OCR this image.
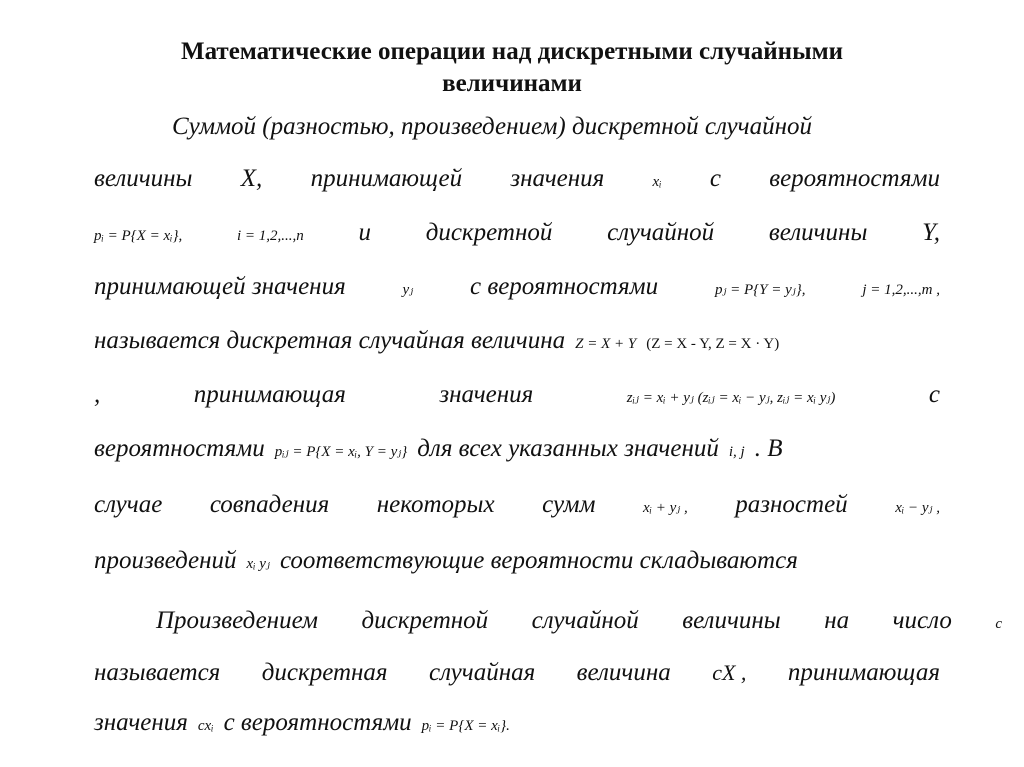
Математические операции над дискретными случайными
величинами
Суммой (разностью, произведением) дискретной случайной
величины X, принимающей значения	xᵢ с вероятностями
pᵢ = P{X = xᵢ},	i = 1,2,...,n и дискретной случайной величины Y,
принимающей значения	yⱼ с вероятностями	pⱼ = P{Y = yⱼ},	j = 1,2,...,m ,
называется дискретная случайная величина Z = X + Y (Z = X - Y, Z = X · Y)
,	принимающая	значения	zᵢⱼ = xᵢ + yⱼ (zᵢⱼ = xᵢ − yⱼ, zᵢⱼ = xᵢ yⱼ)	с
вероятностями pᵢⱼ = P{X = xᵢ, Y = yⱼ} для всех указанных значений i, j . В
случае совпадения некоторых сумм	xᵢ + yⱼ , разностей	xᵢ − yⱼ ,
произведений xᵢ yⱼ соответствующие вероятности складываются
Произведением дискретной случайной величины на число	c
называется дискретная случайная величина cX , принимающая
значения cxᵢ с вероятностями pᵢ = P{X = xᵢ}.
